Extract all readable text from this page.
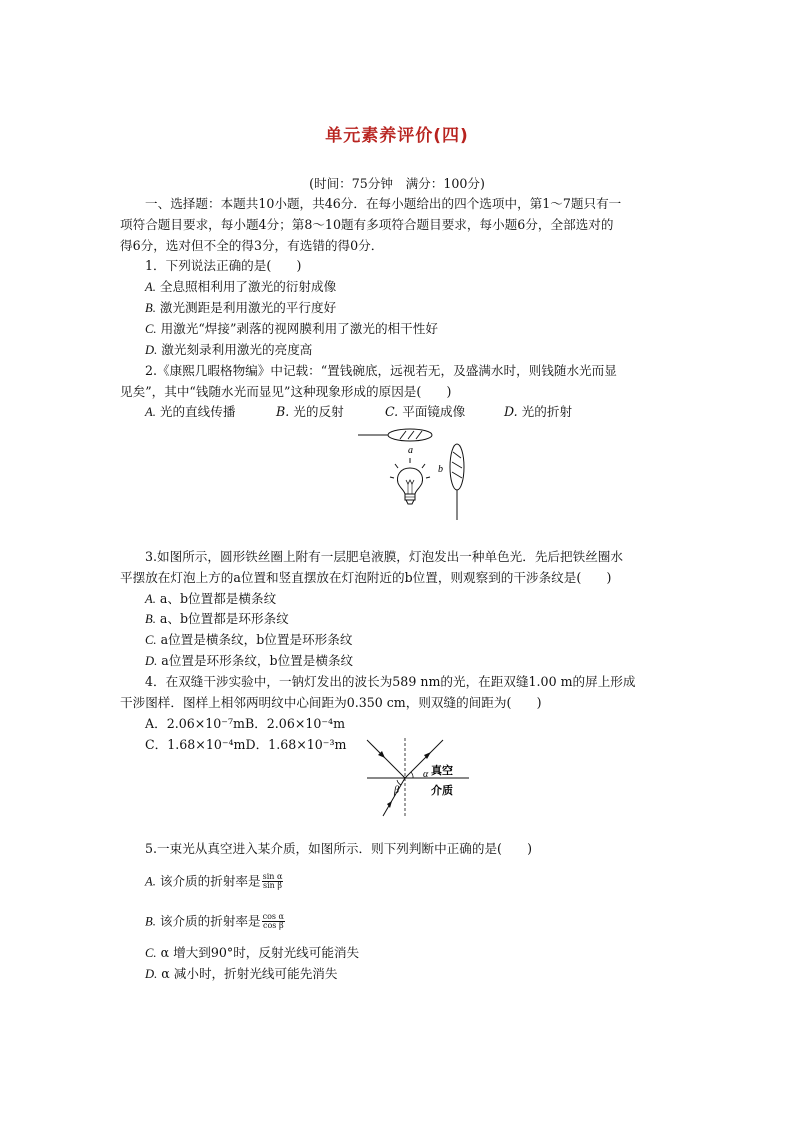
单元素养评价(四)
(时间：75分钟　满分：100分)
一、选择题：本题共10小题，共46分．在每小题给出的四个选项中，第1～7题只有一
项符合题目要求，每小题4分；第8～10题有多项符合题目要求，每小题6分，全部选对的
得6分，选对但不全的得3分，有选错的得0分．
1．下列说法正确的是(　　)
A. 全息照相利用了激光的衍射成像
B. 激光测距是利用激光的平行度好
C. 用激光“焊接”剥落的视网膜利用了激光的相干性好
D. 激光刻录利用激光的亮度高
2.《康熙几暇格物编》中记载：“置钱碗底，远视若无，及盛满水时，则钱随水光而显
见矣”，其中“钱随水光而显见”这种现象形成的原因是(　　)
A. 光的直线传播	B. 光的反射	C. 平面镜成像	D. 光的折射
a
b
3.如图所示，圆形铁丝圈上附有一层肥皂液膜，灯泡发出一种单色光．先后把铁丝圈水
平摆放在灯泡上方的a位置和竖直摆放在灯泡附近的b位置，则观察到的干涉条纹是(　　)
A. a、b位置都是横条纹
B. a、b位置都是环形条纹
C. a位置是横条纹，b位置是环形条纹
D. a位置是环形条纹，b位置是横条纹
4．在双缝干涉实验中，一钠灯发出的波长为589 nm的光，在距双缝1.00 m的屏上形成
干涉图样．图样上相邻两明纹中心间距为0.350 cm，则双缝的间距为(　　)
A．2.06×10⁻⁷mB．2.06×10⁻⁴m
C．1.68×10⁻⁴mD．1.68×10⁻³m
α 真空
β	介质
5.一束光从真空进入某介质，如图所示．则下列判断中正确的是(　　)
A. 该介质的折射率是 $\frac{\text{sin α}}{\text{sin β}}$
B. 该介质的折射率是 $\frac{\text{cos α}}{\text{cos β}}$
C. α 增大到90°时，反射光线可能消失
D. α 减小时，折射光线可能先消失
